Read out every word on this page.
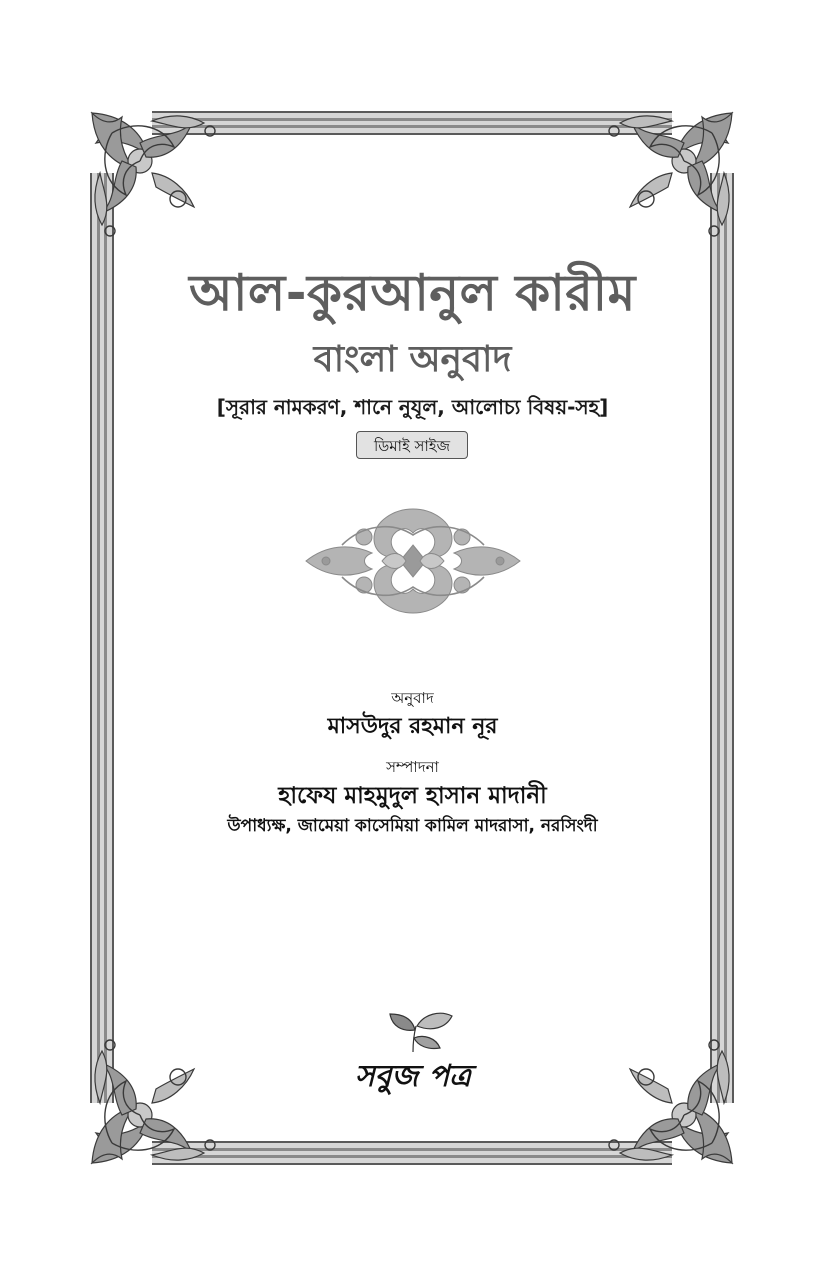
আল-কুরআনুল কারীম
বাংলা অনুবাদ
[সূরার নামকরণ, শানে নুযূল, আলোচ্য বিষয়-সহ]
ডিমাই সাইজ
অনুবাদ
মাসউদুর রহমান নূর
সম্পাদনা
হাফেয মাহমুদুল হাসান মাদানী
উপাধ্যক্ষ, জামেয়া কাসেমিয়া কামিল মাদরাসা, নরসিংদী
সবুজ পত্র
